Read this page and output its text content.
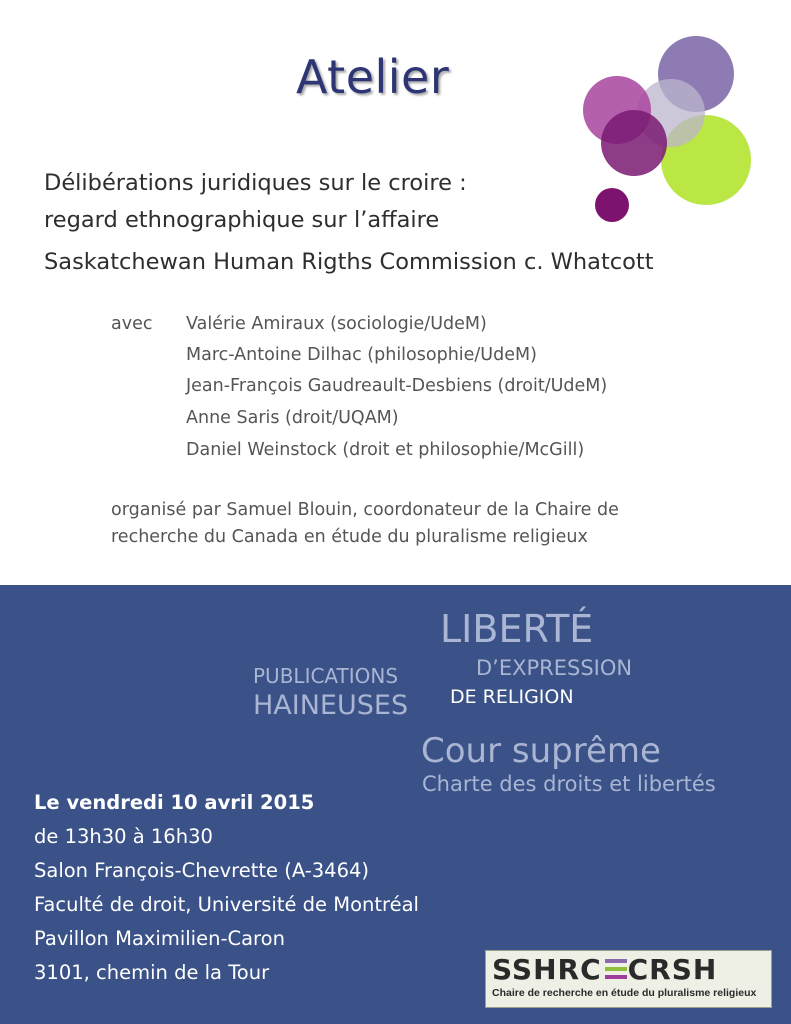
Atelier
Délibérations juridiques sur le croire :
regard ethnographique sur l’affaire
Saskatchewan Human Rigths Commission c. Whatcott
avec Valérie Amiraux (sociologie/UdeM)
Marc-Antoine Dilhac (philosophie/UdeM)
Jean-François Gaudreault-Desbiens (droit/UdeM)
Anne Saris (droit/UQAM)
Daniel Weinstock (droit et philosophie/McGill)
organisé par Samuel Blouin, coordonateur de la Chaire de
recherche du Canada en étude du pluralisme religieux
LIBERTÉ
D’EXPRESSION
DE RELIGION
PUBLICATIONS
HAINEUSES
Cour suprême
Charte des droits et libertés
Le vendredi 10 avril 2015
de 13h30 à 16h30
Salon François-Chevrette (A-3464)
Faculté de droit, Université de Montréal
Pavillon Maximilien-Caron
3101, chemin de la Tour	SSHRC CRSH
Chaire de recherche en étude du pluralisme religieux
